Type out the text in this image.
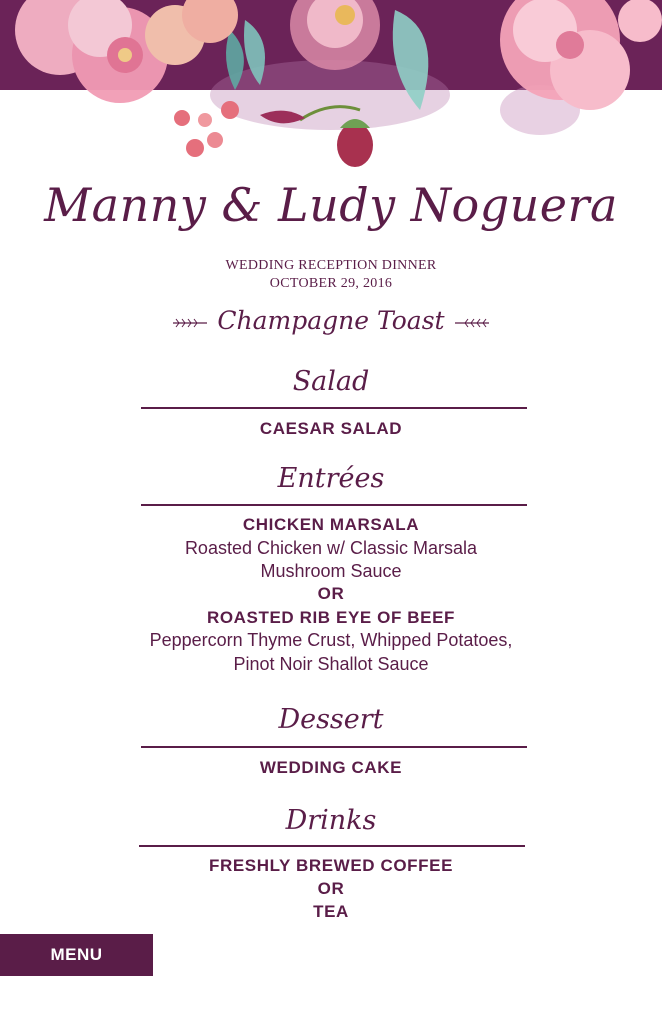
Manny & Ludy Noguera
WEDDING RECEPTION DINNER
OCTOBER 29, 2016
Champagne Toast
Salad
CAESAR SALAD
Entrées
CHICKEN MARSALA
Roasted Chicken w/ Classic Marsala
Mushroom Sauce
OR
ROASTED RIB EYE OF BEEF
Peppercorn Thyme Crust, Whipped Potatoes,
Pinot Noir Shallot Sauce
Dessert
WEDDING CAKE
Drinks
FRESHLY BREWED COFFEE
OR
TEA
MENU
